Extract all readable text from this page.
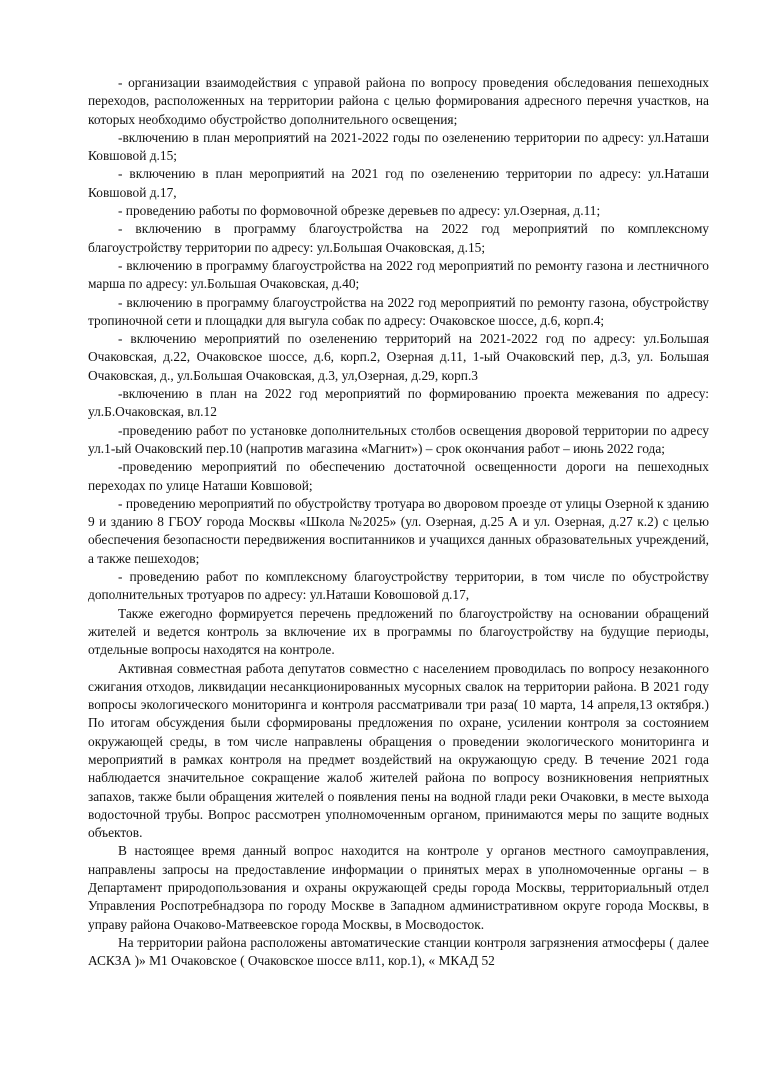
- организации взаимодействия с управой района по вопросу проведения обследования пешеходных переходов, расположенных на территории района с целью формирования адресного перечня участков, на которых необходимо обустройство дополнительного освещения;

-включению в план мероприятий на 2021-2022 годы по озеленению территории по адресу: ул.Наташи Ковшовой д.15;

- включению в план мероприятий на 2021 год по озеленению территории по адресу: ул.Наташи Ковшовой д.17,

- проведению работы по формовочной обрезке деревьев по адресу: ул.Озерная, д.11;

- включению в программу благоустройства на 2022 год мероприятий по комплексному благоустройству территории по адресу: ул.Большая Очаковская, д.15;

- включению в программу благоустройства на 2022 год мероприятий по ремонту газона и лестничного марша по адресу: ул.Большая Очаковская, д.40;

- включению в программу благоустройства на 2022 год мероприятий по ремонту газона, обустройству тропиночной сети и площадки для выгула собак по адресу: Очаковское шоссе, д.6, корп.4;

- включению мероприятий по озеленению территорий на 2021-2022 год по адресу: ул.Большая Очаковская, д.22, Очаковское шоссе, д.6, корп.2, Озерная д.11, 1-ый Очаковский пер, д.3, ул. Большая Очаковская, д., ул.Большая Очаковская, д.3, ул,Озерная, д.29, корп.3

-включению в план на 2022 год мероприятий по формированию проекта межевания по адресу: ул.Б.Очаковская, вл.12

-проведению работ по установке дополнительных столбов освещения дворовой территории по адресу ул.1-ый Очаковский пер.10 (напротив магазина «Магнит») – срок окончания работ – июнь 2022 года;

-проведению мероприятий по обеспечению достаточной освещенности дороги на пешеходных переходах по улице Наташи Ковшовой;

- проведению мероприятий по обустройству тротуара во дворовом проезде от улицы Озерной к зданию 9 и зданию 8 ГБОУ города Москвы «Школа №2025» (ул. Озерная, д.25 А и ул. Озерная, д.27 к.2) с целью обеспечения безопасности передвижения воспитанников и учащихся данных образовательных учреждений, а также пешеходов;

- проведению работ по комплексному благоустройству территории, в том числе по обустройству дополнительных тротуаров по адресу: ул.Наташи Ковошовой д.17,

Также ежегодно формируется перечень предложений по благоустройству на основании обращений жителей и ведется контроль за включение их в программы по благоустройству на будущие периоды, отдельные вопросы находятся на контроле.

Активная совместная работа депутатов совместно с населением проводилась по вопросу незаконного сжигания отходов, ликвидации несанкционированных мусорных свалок на территории района. В 2021 году вопросы экологического мониторинга и контроля рассматривали три раза( 10 марта, 14 апреля,13 октября.) По итогам обсуждения были сформированы предложения по охране, усилении контроля за состоянием окружающей среды, в том числе направлены обращения о проведении экологического мониторинга и мероприятий в рамках контроля на предмет воздействий на окружающую среду. В течение 2021 года наблюдается значительное сокращение жалоб жителей района по вопросу возникновения неприятных запахов, также были обращения жителей о появления пены на водной глади реки Очаковки, в месте выхода водосточной трубы. Вопрос рассмотрен уполномоченным органом, принимаются меры по защите водных объектов.

В настоящее время данный вопрос находится на контроле у органов местного самоуправления, направлены запросы на предоставление информации о принятых мерах в уполномоченные органы – в Департамент природопользования и охраны окружающей среды города Москвы, территориальный отдел Управления Роспотребнадзора по городу Москве в Западном административном округе города Москвы, в управу района Очаково-Матвеевское города Москвы, в Мосводосток.

На территории района расположены автоматические станции контроля загрязнения атмосферы ( далее АСКЗА )» М1 Очаковское ( Очаковское шоссе вл11, кор.1), « МКАД 52
